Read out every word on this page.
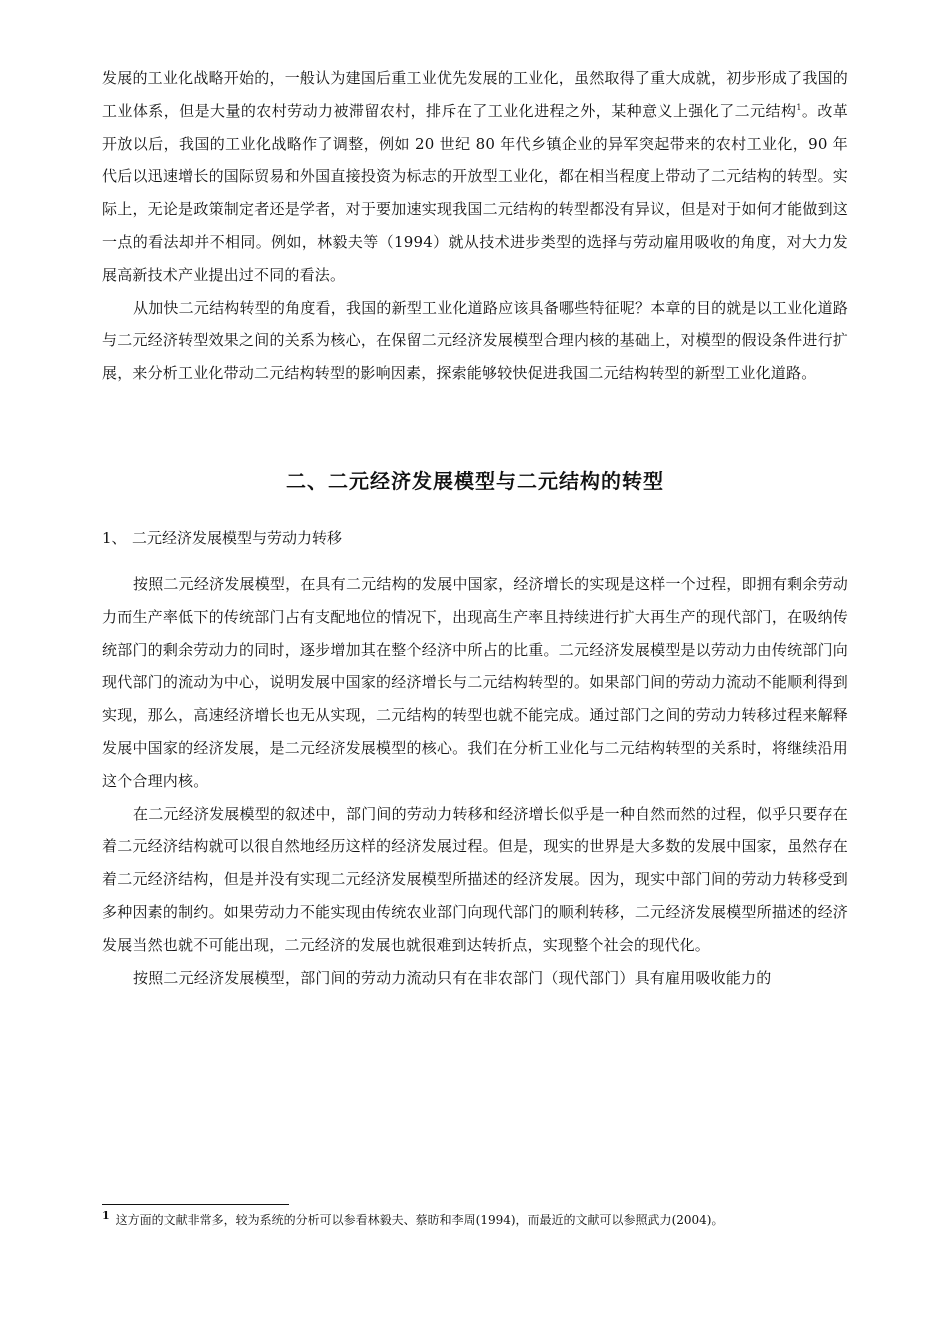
发展的工业化战略开始的，一般认为建国后重工业优先发展的工业化，虽然取得了重大成就，初步形成了我国的工业体系，但是大量的农村劳动力被滞留农村，排斥在了工业化进程之外，某种意义上强化了二元结构$^1$。改革开放以后，我国的工业化战略作了调整，例如 20 世纪 80 年代乡镇企业的异军突起带来的农村工业化，90 年代后以迅速增长的国际贸易和外国直接投资为标志的开放型工业化，都在相当程度上带动了二元结构的转型。实际上，无论是政策制定者还是学者，对于要加速实现我国二元结构的转型都没有异议，但是对于如何才能做到这一点的看法却并不相同。例如，林毅夫等（1994）就从技术进步类型的选择与劳动雇用吸收的角度，对大力发展高新技术产业提出过不同的看法。

从加快二元结构转型的角度看，我国的新型工业化道路应该具备哪些特征呢？本章的目的就是以工业化道路与二元经济转型效果之间的关系为核心，在保留二元经济发展模型合理内核的基础上，对模型的假设条件进行扩展，来分析工业化带动二元结构转型的影响因素，探索能够较快促进我国二元结构转型的新型工业化道路。

二、二元经济发展模型与二元结构的转型
1、 二元经济发展模型与劳动力转移

按照二元经济发展模型，在具有二元结构的发展中国家，经济增长的实现是这样一个过程，即拥有剩余劳动力而生产率低下的传统部门占有支配地位的情况下，出现高生产率且持续进行扩大再生产的现代部门，在吸纳传统部门的剩余劳动力的同时，逐步增加其在整个经济中所占的比重。二元经济发展模型是以劳动力由传统部门向现代部门的流动为中心，说明发展中国家的经济增长与二元结构转型的。如果部门间的劳动力流动不能顺利得到实现，那么，高速经济增长也无从实现，二元结构的转型也就不能完成。通过部门之间的劳动力转移过程来解释发展中国家的经济发展，是二元经济发展模型的核心。我们在分析工业化与二元结构转型的关系时，将继续沿用这个合理内核。

在二元经济发展模型的叙述中，部门间的劳动力转移和经济增长似乎是一种自然而然的过程，似乎只要存在着二元经济结构就可以很自然地经历这样的经济发展过程。但是，现实的世界是大多数的发展中国家，虽然存在着二元经济结构，但是并没有实现二元经济发展模型所描述的经济发展。因为，现实中部门间的劳动力转移受到多种因素的制约。如果劳动力不能实现由传统农业部门向现代部门的顺利转移，二元经济发展模型所描述的经济发展当然也就不可能出现，二元经济的发展也就很难到达转折点，实现整个社会的现代化。

按照二元经济发展模型，部门间的劳动力流动只有在非农部门（现代部门）具有雇用吸收能力的

1 这方面的文献非常多，较为系统的分析可以参看林毅夫、蔡昉和李周(1994)，而最近的文献可以参照武力(2004)。
